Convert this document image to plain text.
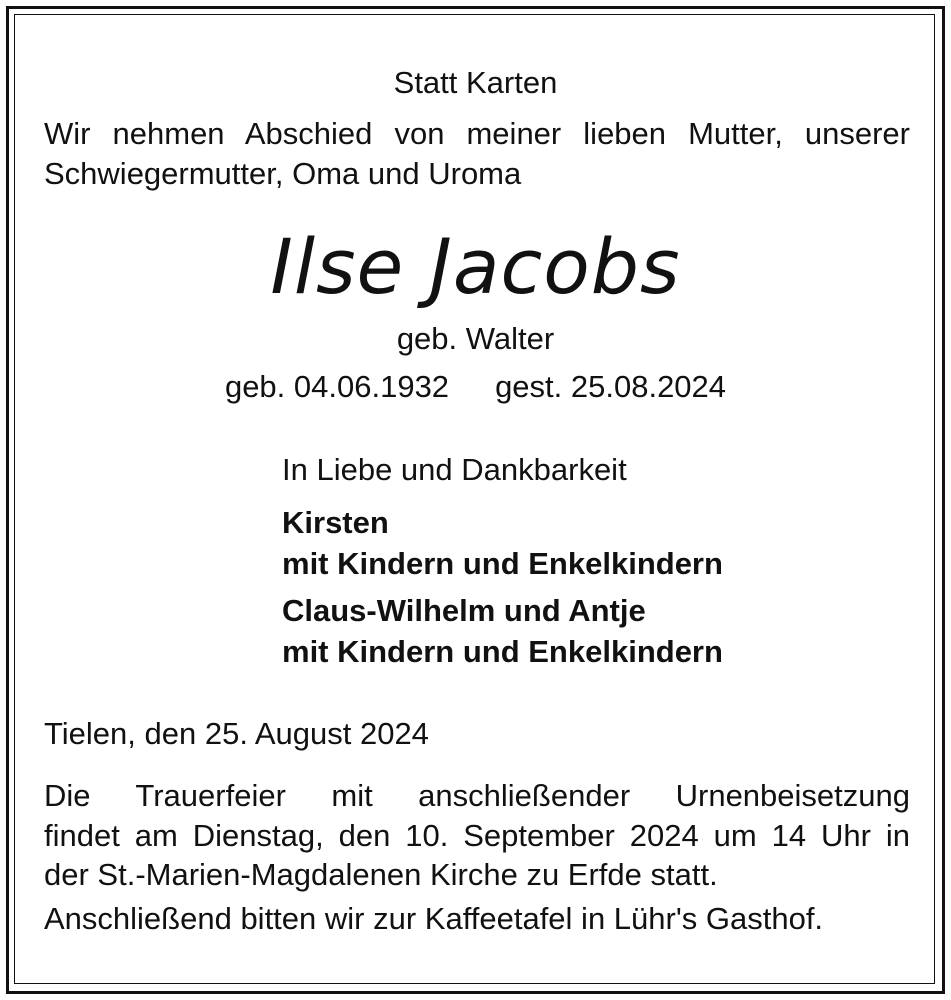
Statt Karten
Wir nehmen Abschied von meiner lieben Mutter, unserer
Schwiegermutter, Oma und Uroma
Ilse Jacobs
geb. Walter
geb. 04.06.1932 gest. 25.08.2024
In Liebe und Dankbarkeit
Kirsten
mit Kindern und Enkelkindern
Claus-Wilhelm und Antje
mit Kindern und Enkelkindern
Tielen, den 25. August 2024
Die Trauerfeier mit anschließender Urnenbeisetzung
findet am Dienstag, den 10. September 2024 um 14 Uhr in
der St.-Marien-Magdalenen Kirche zu Erfde statt.
Anschließend bitten wir zur Kaffeetafel in Lühr's Gasthof.
